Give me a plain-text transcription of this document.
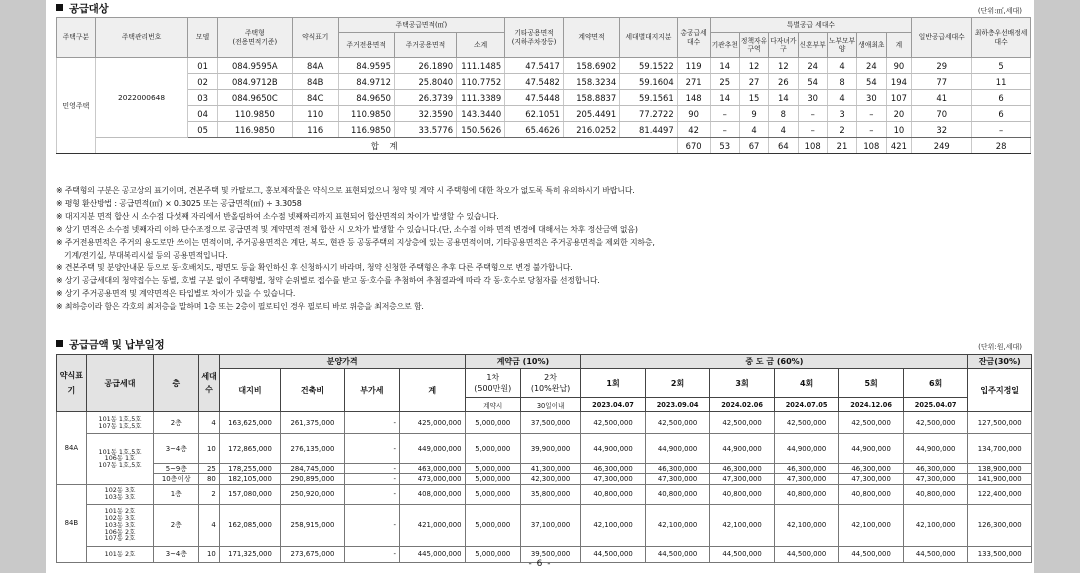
공급대상	(단위:㎡,세대)
주택구분	주택관리번호	모델	주택형
(전용면적기준)	약식표기	주택공급면적(㎡)			기타공용면적
(지하주차장등)	계약면적	세대별대지지분	총공급세대수	특별공급 세대수							일반공급세대수	최하층우선배정세대수
					주거전용면적	주거공용면적	소계					기관추천	정책자유구역	다자녀가구	신혼부부	노부모부양	생애최초	계		
민영주택	2022000648	01	084.9595A	84A	84.9595	26.1890	111.1485	47.5417	158.6902	59.1522	119	14	12	12	24	4	24	90	29	5
		02	084.9712B	84B	84.9712	25.8040	110.7752	47.5482	158.3234	59.1604	271	25	27	26	54	8	54	194	77	11
		03	084.9650C	84C	84.9650	26.3739	111.3389	47.5448	158.8837	59.1561	148	14	15	14	30	4	30	107	41	6
		04	110.9850	110	110.9850	32.3590	143.3440	62.1051	205.4491	77.2722	90	–	9	8	–	3	–	20	70	6
		05	116.9850	116	116.9850	33.5776	150.5626	65.4626	216.0252	81.4497	42	–	4	4	–	2	–	10	32	–
	합 계										670	53	67	64	108	21	108	421	249	28
※ 주택형의 구분은 공고상의 표기이며, 견본주택 및 카탈로그, 홍보제작물은 약식으로 표현되었으니 청약 및 계약 시 주택형에 대한 착오가 없도록 특히 유의하시기 바랍니다.
※ 평형 환산방법 : 공급면적(㎡) × 0.3025 또는 공급면적(㎡) ÷ 3.3058
※ 대지지분 면적 합산 시 소수점 다섯째 자리에서 반올림하여 소수점 넷째짜리까지 표현되어 합산면적의 차이가 발생할 수 있습니다.
※ 상기 면적은 소수점 넷째자리 이하 단수조정으로 공급면적 및 계약면적 전체 합산 시 오차가 발생할 수 있습니다.(단, 소수점 이하 면적 변경에 대해서는 차후 정산금액 없음)
※ 주거전용면적은 주거의 용도로만 쓰이는 면적이며, 주거공용면적은 계단, 복도, 현관 등 공동주택의 지상층에 있는 공용면적이며, 기타공용면적은 주거공용면적을 제외한 지하층,
기계/전기실, 부대복리시설 등의 공용면적입니다.
※ 견본주택 및 분양안내문 등으로 동·호배치도, 평면도 등을 확인하신 후 신청하시기 바라며, 청약 신청한 주택형은 추후 다른 주택형으로 변경 불가합니다.
※ 상기 공급세대의 청약접수는 동별, 호별 구분 없이 주택형별, 청약 순위별로 접수를 받고 동·호수를 추첨하여 추첨결과에 따라 각 동·호수로 당첨자를 선정합니다.
※ 상기 주거공용면적 및 계약면적은 타입별로 차이가 있을 수 있습니다.
※ 최하층이라 함은 각호의 최저층을 말하며 1층 또는 2층이 필로티인 경우 필로티 바로 위층을 최저층으로 함.
공급금액 및 납부일정	(단위:원,세대)
약식표기	공급세대	층	세대수	분양가격				계약금 (10%)		중 도 금 (60%)						잔금(30%)
				대지비	건축비	부가세	계	1차
(500만원)	2차
(10%완납)	1회	2회	3회	4회	5회	6회	입주지정일
								계약시	30일이내	2023.04.07	2023.09.04	2024.02.06	2024.07.05	2024.12.06	2025.04.07	
84A	101동 1호,5호
107동 1호,5호	2층	4	163,625,000	261,375,000	-	425,000,000	5,000,000	37,500,000	42,500,000	42,500,000	42,500,000	42,500,000	42,500,000	42,500,000	127,500,000
	101동 1호,5호
106동 1호
107동 1호,5호	3~4층	10	172,865,000	276,135,000	-	449,000,000	5,000,000	39,900,000	44,900,000	44,900,000	44,900,000	44,900,000	44,900,000	44,900,000	134,700,000
		5~9층	25	178,255,000	284,745,000	-	463,000,000	5,000,000	41,300,000	46,300,000	46,300,000	46,300,000	46,300,000	46,300,000	46,300,000	138,900,000
		10층이상	80	182,105,000	290,895,000	-	473,000,000	5,000,000	42,300,000	47,300,000	47,300,000	47,300,000	47,300,000	47,300,000	47,300,000	141,900,000
84B	102동 3호
103동 3호	1층	2	157,080,000	250,920,000	-	408,000,000	5,000,000	35,800,000	40,800,000	40,800,000	40,800,000	40,800,000	40,800,000	40,800,000	122,400,000
	101동 2호
102동 3호
103동 3호
106동 2호
107동 2호	2층	4	162,085,000	258,915,000	-	421,000,000	5,000,000	37,100,000	42,100,000	42,100,000	42,100,000	42,100,000	42,100,000	42,100,000	126,300,000
	101동 2호	3~4층	10	171,325,000	273,675,000	-	445,000,000	5,000,000	39,500,000	44,500,000	44,500,000	44,500,000	44,500,000	44,500,000	44,500,000	133,500,000
- 6 -
